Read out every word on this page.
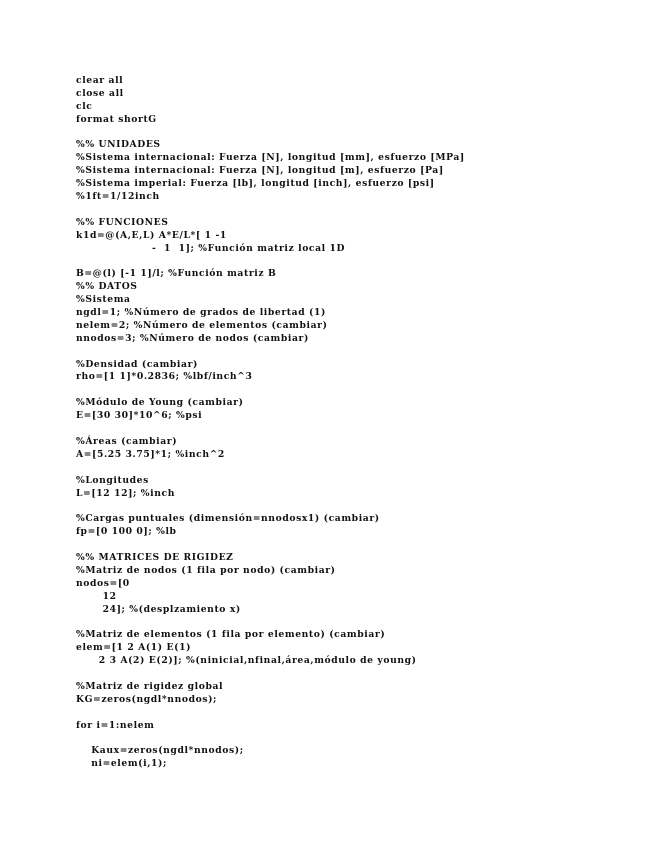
clear all
close all
clc
format shortG
%% UNIDADES
%Sistema internacional: Fuerza [N], longitud [mm], esfuerzo [MPa]
%Sistema internacional: Fuerza [N], longitud [m], esfuerzo [Pa]
%Sistema imperial: Fuerza [lb], longitud [inch], esfuerzo [psi]
%1ft=1/12inch
%% FUNCIONES
k1d=@(A,E,L) A*E/L*[ 1 -1
-  1  1]; %Función matriz local 1D
B=@(l) [-1 1]/l; %Función matriz B
%% DATOS
%Sistema
ngdl=1; %Número de grados de libertad (1)
nelem=2; %Número de elementos (cambiar)
nnodos=3; %Número de nodos (cambiar)
%Densidad (cambiar)
rho=[1 1]*0.2836; %lbf/inch^3
%Módulo de Young (cambiar)
E=[30 30]*10^6; %psi
%Áreas (cambiar)
A=[5.25 3.75]*1; %inch^2
%Longitudes
L=[12 12]; %inch
%Cargas puntuales (dimensión=nnodosx1) (cambiar)
fp=[0 100 0]; %lb
%% MATRICES DE RIGIDEZ
%Matriz de nodos (1 fila por nodo) (cambiar)
nodos=[0
12
24]; %(desplzamiento x)
%Matriz de elementos (1 fila por elemento) (cambiar)
elem=[1 2 A(1) E(1)
2 3 A(2) E(2)]; %(ninicial,nfinal,área,módulo de young)
%Matriz de rigidez global
KG=zeros(ngdl*nnodos);
for i=1:nelem
Kaux=zeros(ngdl*nnodos);
ni=elem(i,1);
